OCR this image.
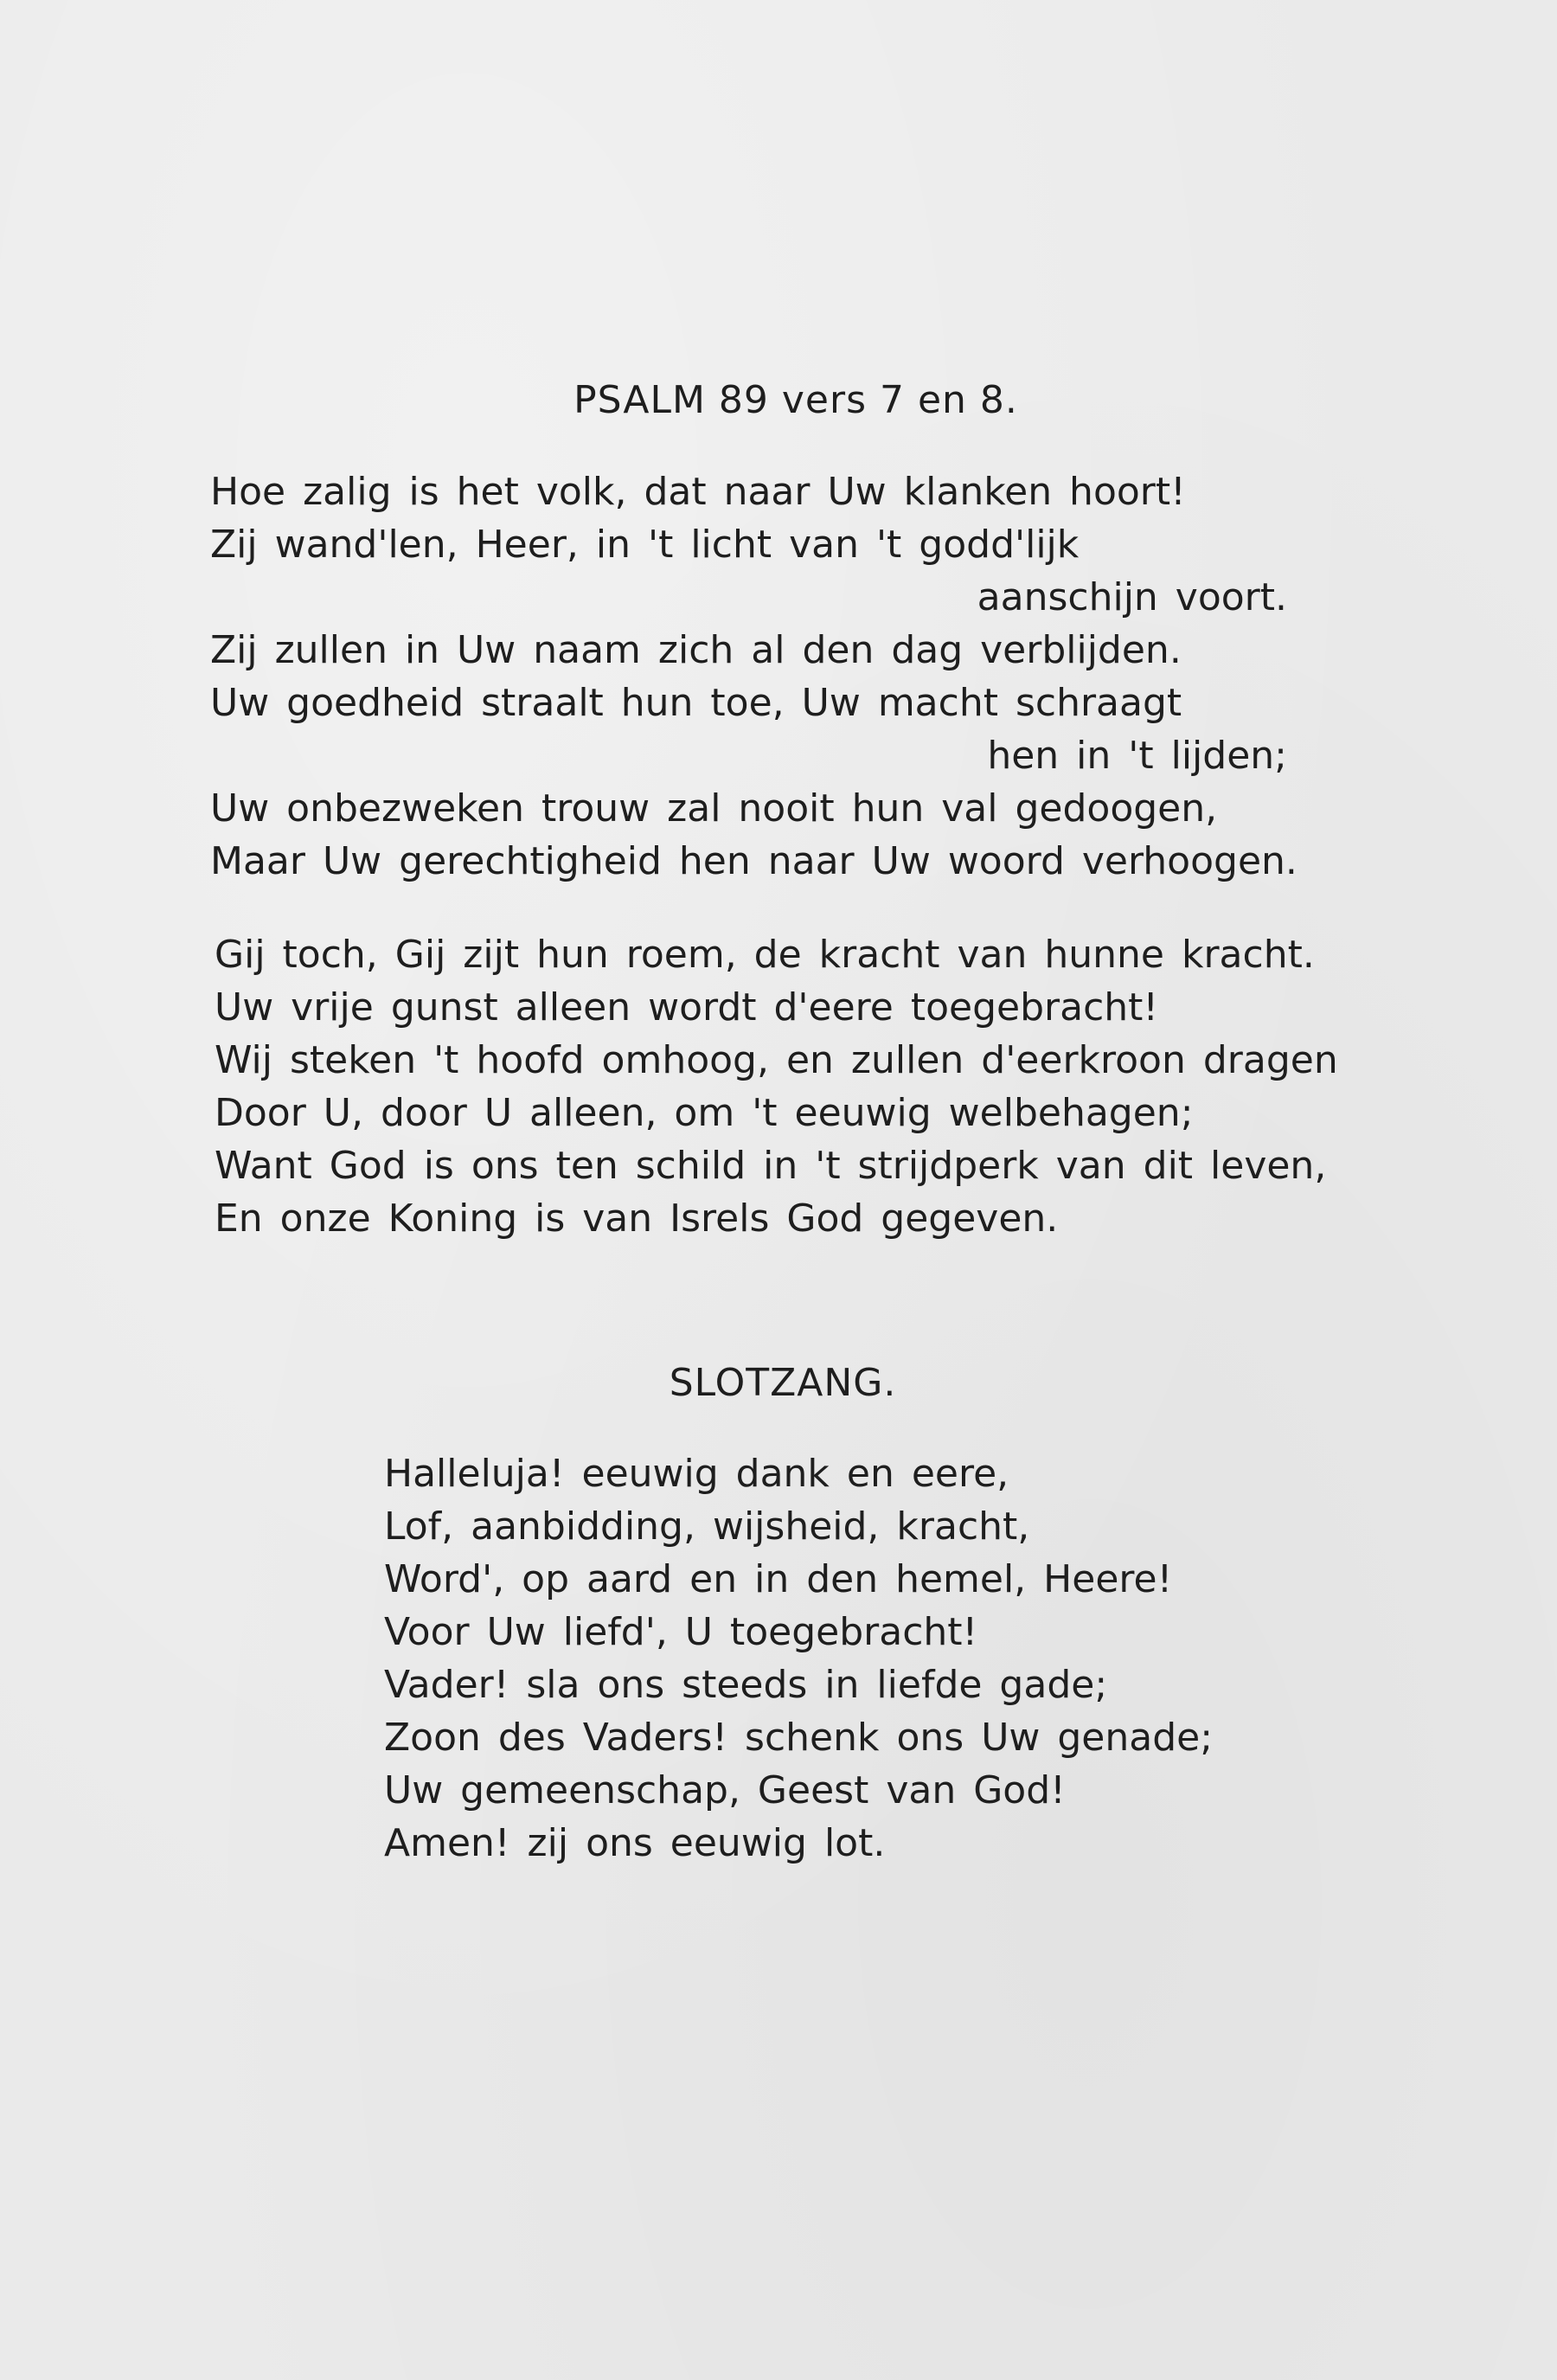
PSALM 89 vers 7 en 8.
Hoe zalig is het volk, dat naar Uw klanken hoort!
Zij wand'len, Heer, in 't licht van 't godd'lijk
aanschijn voort.
Zij zullen in Uw naam zich al den dag verblijden.
Uw goedheid straalt hun toe, Uw macht schraagt
hen in 't lijden;
Uw onbezweken trouw zal nooit hun val gedoogen,
Maar Uw gerechtigheid hen naar Uw woord verhoogen.
Gij toch, Gij zijt hun roem, de kracht van hunne kracht.
Uw vrije gunst alleen wordt d'eere toegebracht!
Wij steken 't hoofd omhoog, en zullen d'eerkroon dragen
Door U, door U alleen, om 't eeuwig welbehagen;
Want God is ons ten schild in 't strijdperk van dit leven,
En onze Koning is van Isrels God gegeven.
SLOTZANG.
Halleluja! eeuwig dank en eere,
Lof, aanbidding, wijsheid, kracht,
Word', op aard en in den hemel, Heere!
Voor Uw liefd', U toegebracht!
Vader! sla ons steeds in liefde gade;
Zoon des Vaders! schenk ons Uw genade;
Uw gemeenschap, Geest van God!
Amen! zij ons eeuwig lot.
